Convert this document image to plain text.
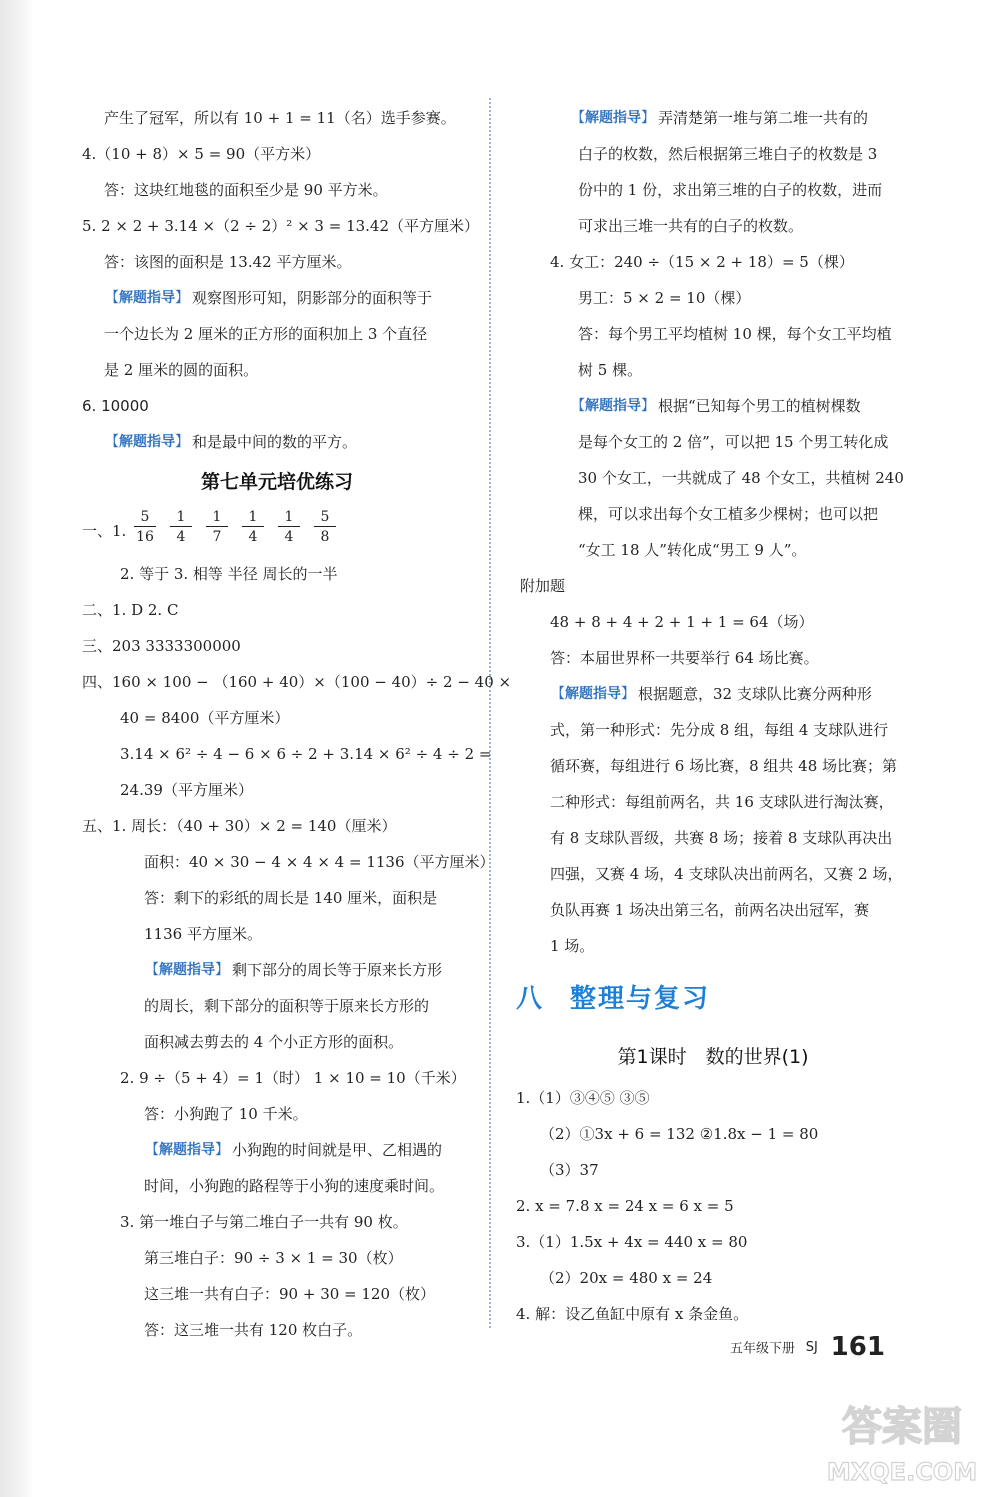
产生了冠军，所以有 10 + 1 = 11（名）选手参赛。
4.（10 + 8）× 5 = 90（平方米）
答：这块红地毯的面积至少是 90 平方米。
5. 2 × 2 + 3.14 ×（2 ÷ 2）² × 3 = 13.42（平方厘米）
答：该图的面积是 13.42 平方厘米。
【解题指导】 观察图形可知，阴影部分的面积等于
一个边长为 2 厘米的正方形的面积加上 3 个直径
是 2 厘米的圆的面积。
6. 10000
【解题指导】 和是最中间的数的平方。
第七单元培优练习
一、1. $\frac{5}{16} \frac{1}{4} \frac{1}{7} \frac{1}{4} \frac{1}{4} \frac{5}{8}$
2. 等于 3. 相等 半径 周长的一半
二、1. D 2. C
三、203 3333300000
四、160 × 100 − （160 + 40）×（100 − 40）÷ 2 − 40 ×
40 = 8400（平方厘米）
3.14 × 6² ÷ 4 − 6 × 6 ÷ 2 + 3.14 × 6² ÷ 4 ÷ 2 =
24.39（平方厘米）
五、1. 周长：（40 + 30）× 2 = 140（厘米）
面积：40 × 30 − 4 × 4 × 4 = 1136（平方厘米）
答：剩下的彩纸的周长是 140 厘米，面积是
1136 平方厘米。
【解题指导】 剩下部分的周长等于原来长方形
的周长，剩下部分的面积等于原来长方形的
面积减去剪去的 4 个小正方形的面积。
2. 9 ÷（5 + 4）= 1（时） 1 × 10 = 10（千米）
答：小狗跑了 10 千米。
【解题指导】 小狗跑的时间就是甲、乙相遇的
时间，小狗跑的路程等于小狗的速度乘时间。
3. 第一堆白子与第二堆白子一共有 90 枚。
第三堆白子：90 ÷ 3 × 1 = 30（枚）
这三堆一共有白子：90 + 30 = 120（枚）
答：这三堆一共有 120 枚白子。
【解题指导】 弄清楚第一堆与第二堆一共有的
白子的枚数，然后根据第三堆白子的枚数是 3
份中的 1 份，求出第三堆的白子的枚数，进而
可求出三堆一共有的白子的枚数。
4. 女工：240 ÷（15 × 2 + 18）= 5（棵）
男工：5 × 2 = 10（棵）
答：每个男工平均植树 10 棵，每个女工平均植
树 5 棵。
【解题指导】 根据“已知每个男工的植树棵数
是每个女工的 2 倍”，可以把 15 个男工转化成
30 个女工，一共就成了 48 个女工，共植树 240
棵，可以求出每个女工植多少棵树；也可以把
“女工 18 人”转化成“男工 9 人”。
附加题
48 + 8 + 4 + 2 + 1 + 1 = 64（场）
答：本届世界杯一共要举行 64 场比赛。
【解题指导】 根据题意，32 支球队比赛分两种形
式，第一种形式：先分成 8 组，每组 4 支球队进行
循环赛，每组进行 6 场比赛，8 组共 48 场比赛；第
二种形式：每组前两名，共 16 支球队进行淘汰赛，
有 8 支球队晋级，共赛 8 场；接着 8 支球队再决出
四强，又赛 4 场，4 支球队决出前两名，又赛 2 场，
负队再赛 1 场决出第三名，前两名决出冠军，赛
1 场。
八 整理与复习
第1课时　数的世界(1)
1.（1）③④⑤ ③⑤
（2）①3x + 6 = 132 ②1.8x − 1 = 80
（3）37
2. x = 7.8 x = 24 x = 6 x = 5
3.（1）1.5x + 4x = 440 x = 80
（2）20x = 480 x = 24
4. 解：设乙鱼缸中原有 x 条金鱼。
五年级下册 SJ 161
答案圈
MXQE.COM
